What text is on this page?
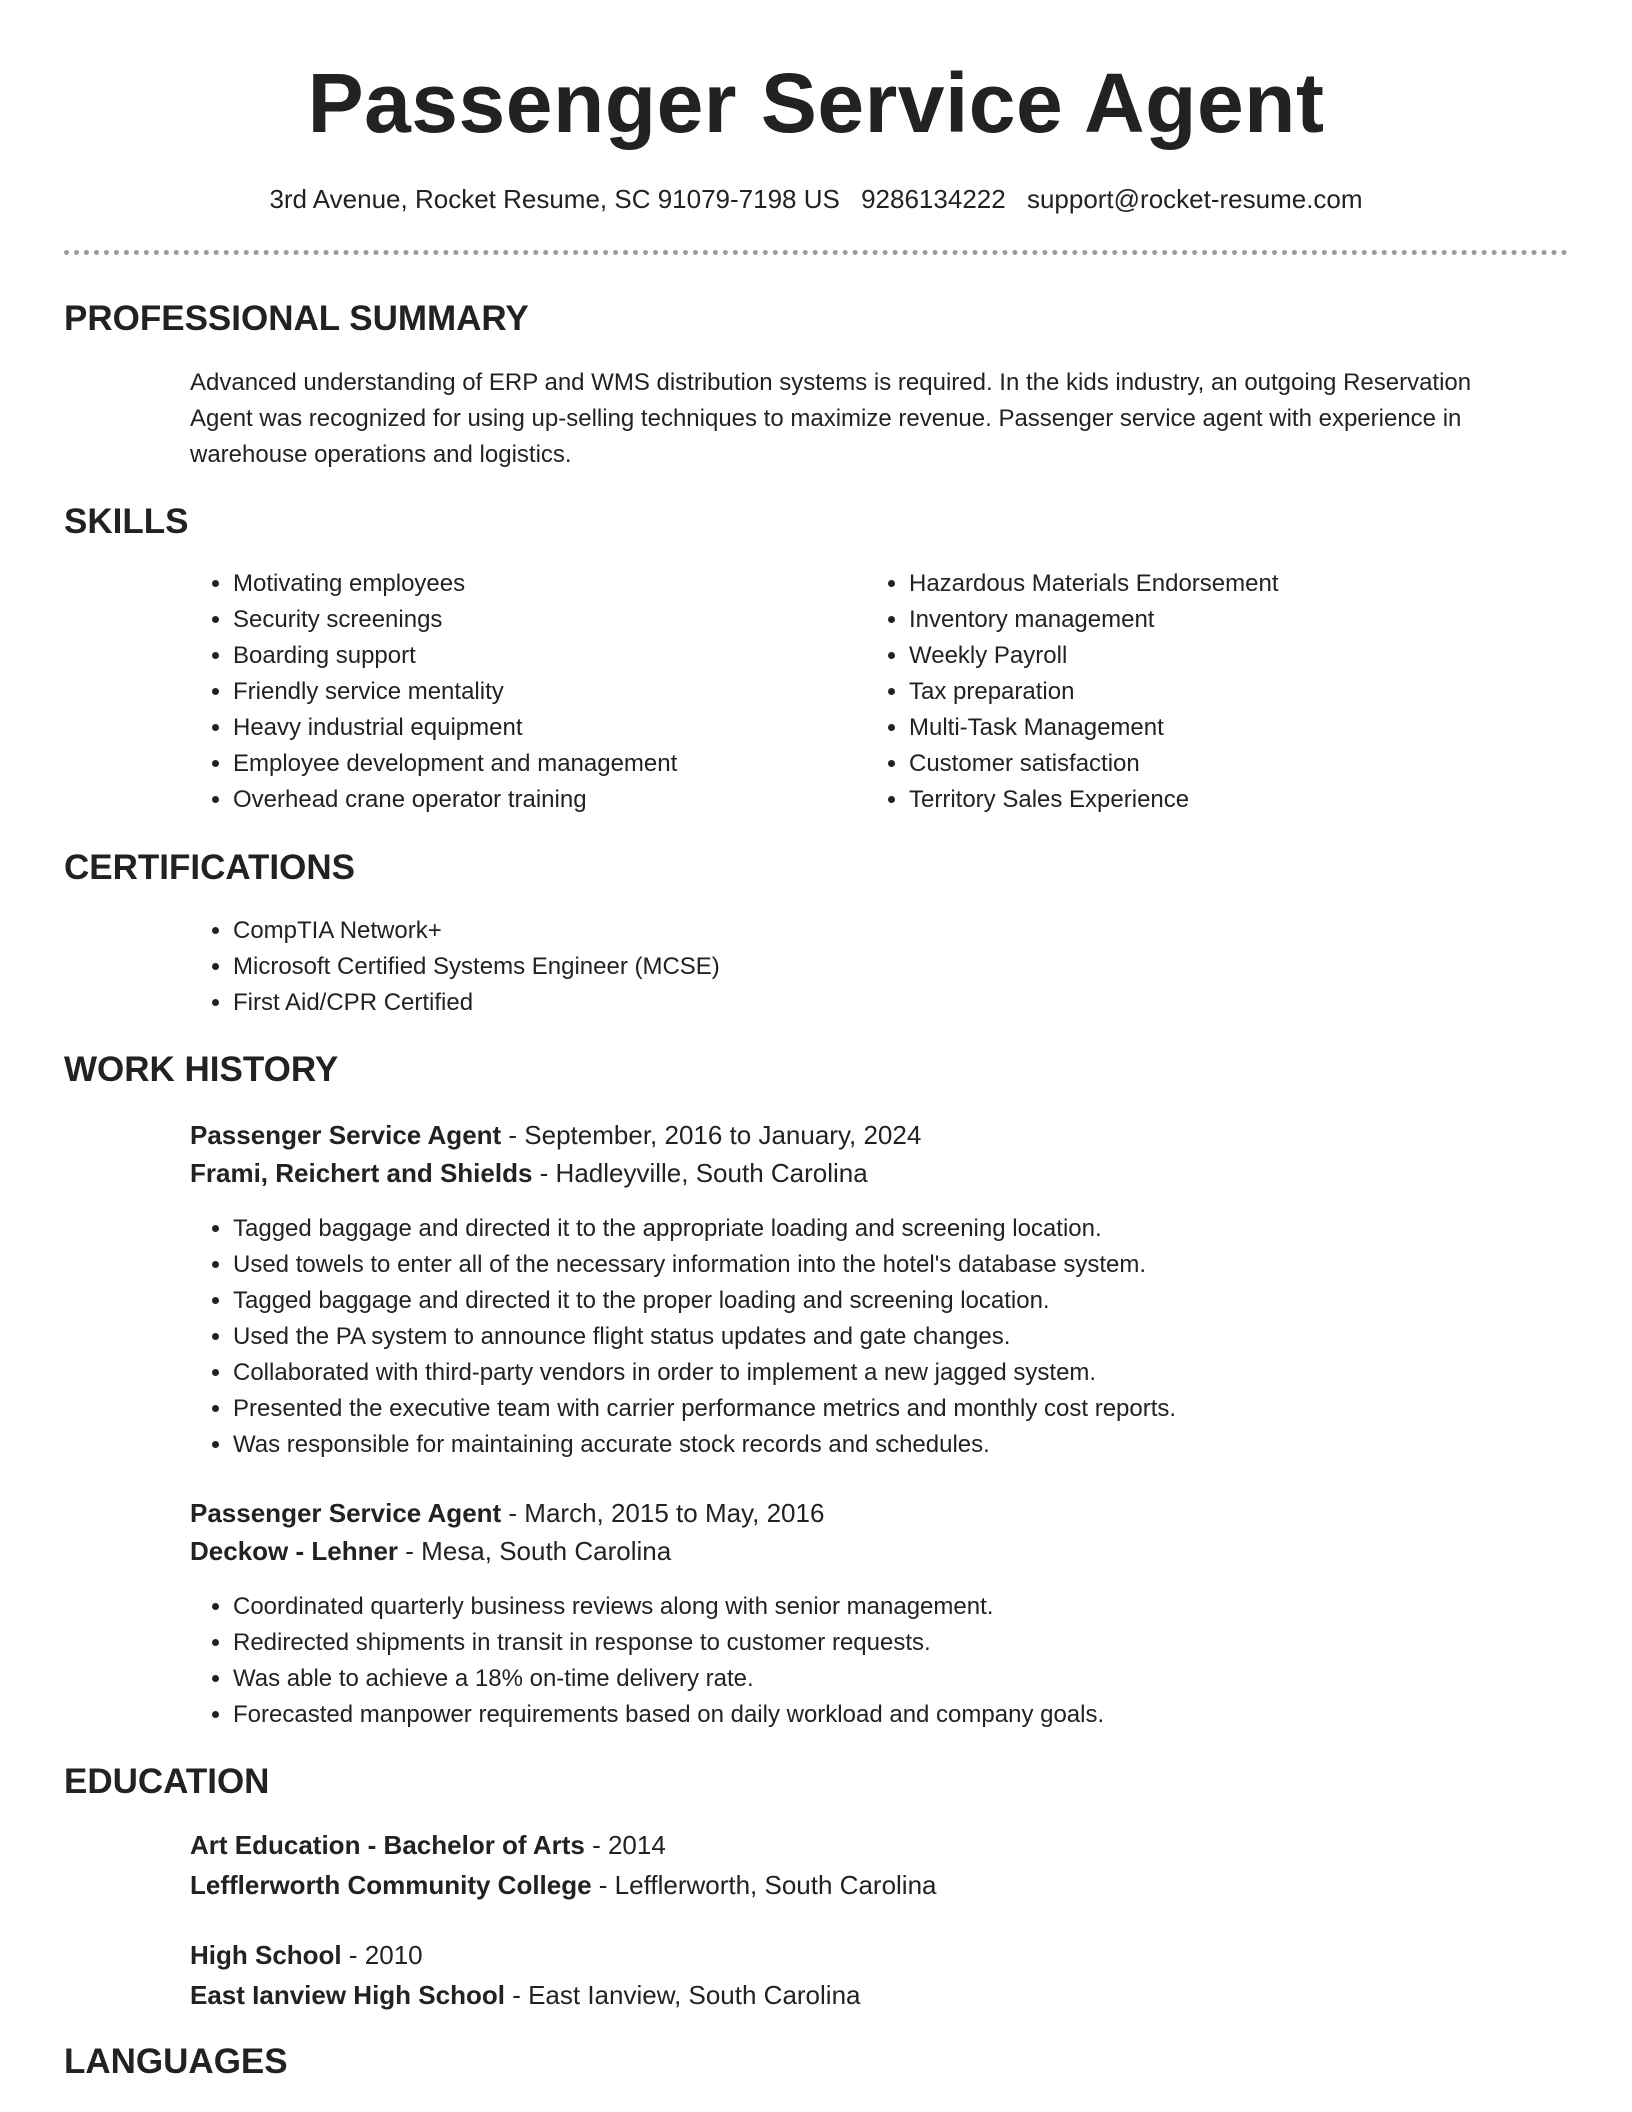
Passenger Service Agent
3rd Avenue, Rocket Resume, SC 91079-7198 US 9286134222 support@rocket-resume.com
PROFESSIONAL SUMMARY
Advanced understanding of ERP and WMS distribution systems is required. In the kids industry, an outgoing Reservation
Agent was recognized for using up-selling techniques to maximize revenue. Passenger service agent with experience in
warehouse operations and logistics.
SKILLS
• Motivating employees
• Security screenings
• Boarding support
• Friendly service mentality
• Heavy industrial equipment
• Employee development and management
• Overhead crane operator training
• Hazardous Materials Endorsement
• Inventory management
• Weekly Payroll
• Tax preparation
• Multi-Task Management
• Customer satisfaction
• Territory Sales Experience
CERTIFICATIONS
• CompTIA Network+
• Microsoft Certified Systems Engineer (MCSE)
• First Aid/CPR Certified
WORK HISTORY
Passenger Service Agent - September, 2016 to January, 2024
Frami, Reichert and Shields - Hadleyville, South Carolina
• Tagged baggage and directed it to the appropriate loading and screening location.
• Used towels to enter all of the necessary information into the hotel's database system.
• Tagged baggage and directed it to the proper loading and screening location.
• Used the PA system to announce flight status updates and gate changes.
• Collaborated with third-party vendors in order to implement a new jagged system.
• Presented the executive team with carrier performance metrics and monthly cost reports.
• Was responsible for maintaining accurate stock records and schedules.
Passenger Service Agent - March, 2015 to May, 2016
Deckow - Lehner - Mesa, South Carolina
• Coordinated quarterly business reviews along with senior management.
• Redirected shipments in transit in response to customer requests.
• Was able to achieve a 18% on-time delivery rate.
• Forecasted manpower requirements based on daily workload and company goals.
EDUCATION
Art Education - Bachelor of Arts - 2014
Lefflerworth Community College - Lefflerworth, South Carolina
High School - 2010
East Ianview High School - East Ianview, South Carolina
LANGUAGES
